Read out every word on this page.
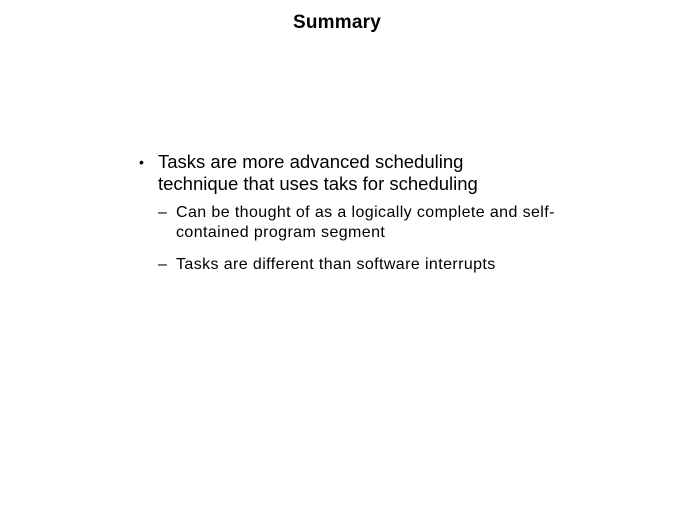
Summary
• Tasks are more advanced scheduling technique that uses taks for scheduling
– Can be thought of as a logically complete and self-contained program segment
– Tasks are different than software interrupts
